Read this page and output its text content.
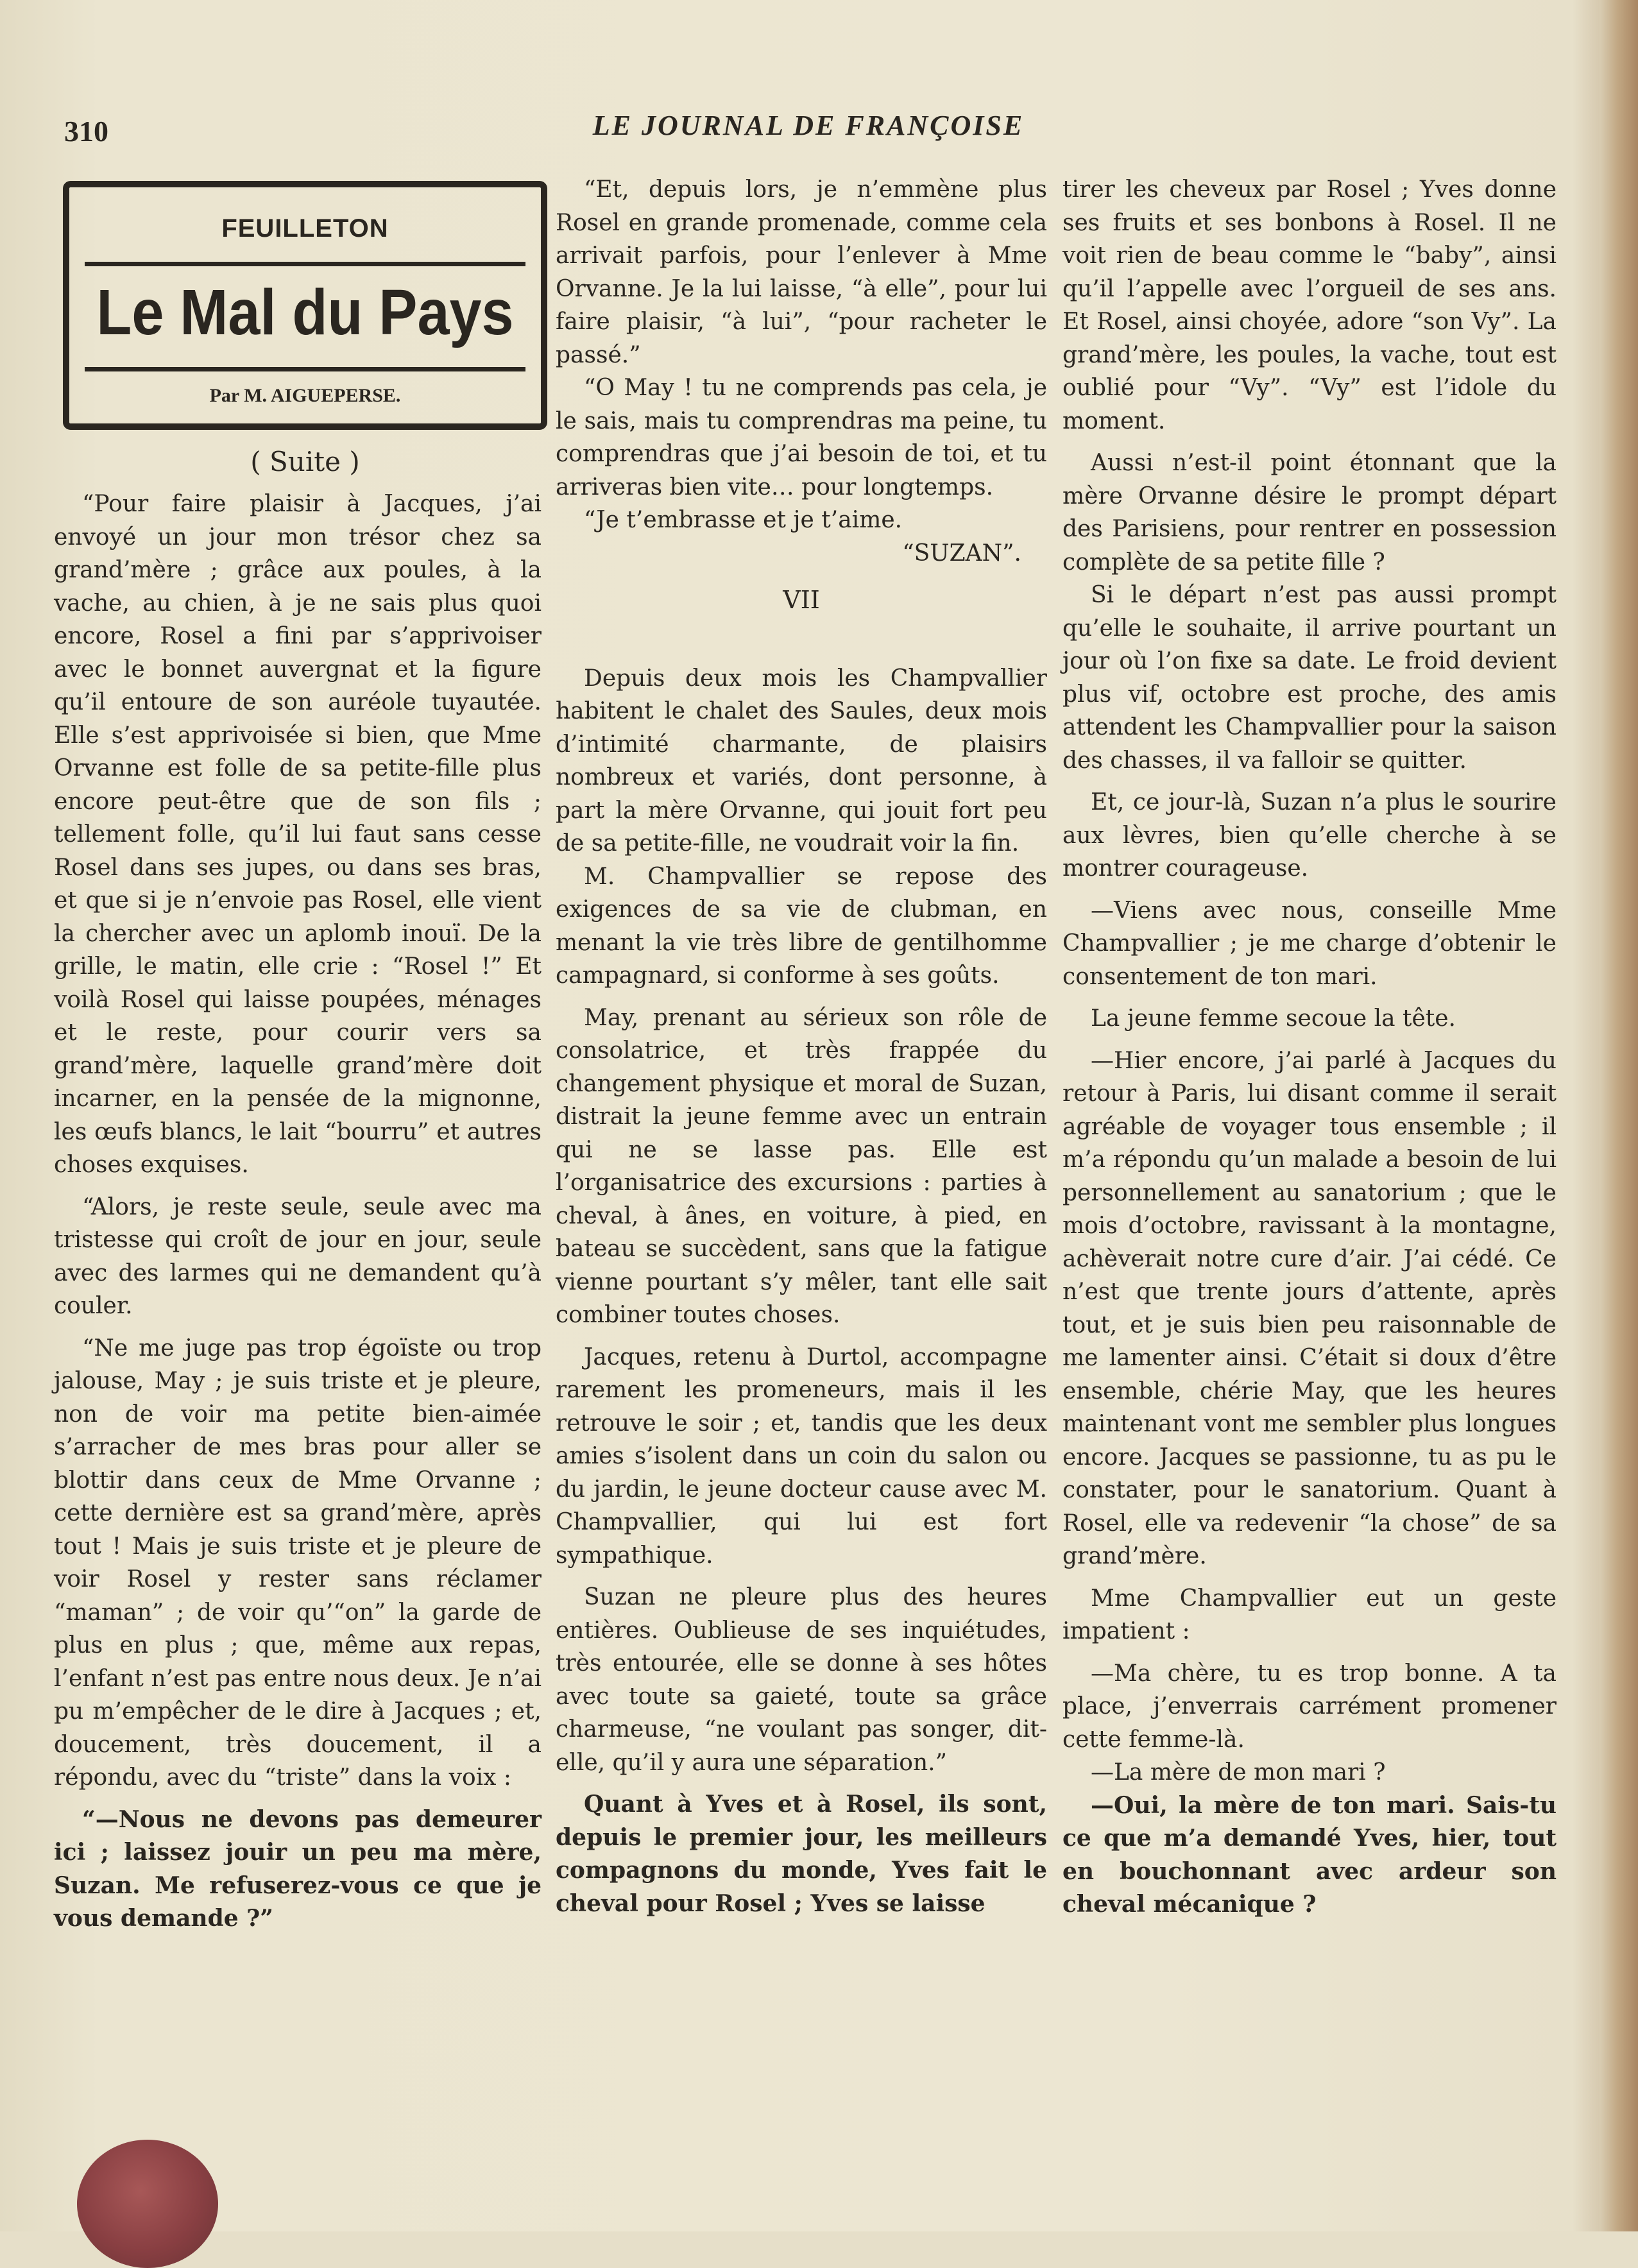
310	LE JOURNAL DE FRANÇOISE
FEUILLETON
Le Mal du Pays
Par M. AIGUEPERSE.
( Suite )

“Pour faire plaisir à Jacques, j’ai envoyé un jour mon trésor chez sa grand’mère ; grâce aux poules, à la vache, au chien, à je ne sais plus quoi encore, Rosel a fini par s’apprivoiser avec le bonnet auvergnat et la figure qu’il entoure de son auréole tuyautée. Elle s’est apprivoisée si bien, que Mme Orvanne est folle de sa petite-fille plus encore peut-être que de son fils ; tellement folle, qu’il lui faut sans cesse Rosel dans ses jupes, ou dans ses bras, et que si je n’envoie pas Rosel, elle vient la chercher avec un aplomb inouï. De la grille, le matin, elle crie : “Rosel !” Et voilà Rosel qui laisse poupées, ménages et le reste, pour courir vers sa grand’mère, laquelle grand’mère doit incarner, en la pensée de la mignonne, les œufs blancs, le lait “bourru” et autres choses exquises.

“Alors, je reste seule, seule avec ma tristesse qui croît de jour en jour, seule avec des larmes qui ne demandent qu’à couler.

“Ne me juge pas trop égoïste ou trop jalouse, May ; je suis triste et je pleure, non de voir ma petite bien-aimée s’arracher de mes bras pour aller se blottir dans ceux de Mme Orvanne ; cette dernière est sa grand’mère, après tout ! Mais je suis triste et je pleure de voir Rosel y rester sans réclamer “maman” ; de voir qu’“on” la garde de plus en plus ; que, même aux repas, l’enfant n’est pas entre nous deux. Je n’ai pu m’empêcher de le dire à Jacques ; et, doucement, très doucement, il a répondu, avec du “triste” dans la voix :

“—Nous ne devons pas demeurer ici ; laissez jouir un peu ma mère, Suzan. Me refuserez-vous ce que je vous demande ?”

“Et, depuis lors, je n’emmène plus Rosel en grande promenade, comme cela arrivait parfois, pour l’enlever à Mme Orvanne. Je la lui laisse, “à elle”, pour lui faire plaisir, “à lui”, “pour racheter le passé.”

“O May ! tu ne comprends pas cela, je le sais, mais tu comprendras ma peine, tu comprendras que j’ai besoin de toi, et tu arriveras bien vite… pour longtemps.

“Je t’embrasse et je t’aime.

“SUZAN”.

VII

Depuis deux mois les Champvallier habitent le chalet des Saules, deux mois d’intimité charmante, de plaisirs nombreux et variés, dont personne, à part la mère Orvanne, qui jouit fort peu de sa petite-fille, ne voudrait voir la fin.

M. Champvallier se repose des exigences de sa vie de clubman, en menant la vie très libre de gentilhomme campagnard, si conforme à ses goûts.

May, prenant au sérieux son rôle de consolatrice, et très frappée du changement physique et moral de Suzan, distrait la jeune femme avec un entrain qui ne se lasse pas. Elle est l’organisatrice des excursions : parties à cheval, à ânes, en voiture, à pied, en bateau se succèdent, sans que la fatigue vienne pourtant s’y mêler, tant elle sait combiner toutes choses.

Jacques, retenu à Durtol, accompagne rarement les promeneurs, mais il les retrouve le soir ; et, tandis que les deux amies s’isolent dans un coin du salon ou du jardin, le jeune docteur cause avec M. Champvallier, qui lui est fort sympathique.

Suzan ne pleure plus des heures entières. Oublieuse de ses inquiétudes, très entourée, elle se donne à ses hôtes avec toute sa gaieté, toute sa grâce charmeuse, “ne voulant pas songer, dit-elle, qu’il y aura une séparation.”

Quant à Yves et à Rosel, ils sont, depuis le premier jour, les meilleurs compagnons du monde, Yves fait le cheval pour Rosel ; Yves se laisse

tirer les cheveux par Rosel ; Yves donne ses fruits et ses bonbons à Rosel. Il ne voit rien de beau comme le “baby”, ainsi qu’il l’appelle avec l’orgueil de ses ans. Et Rosel, ainsi choyée, adore “son Vy”. La grand’mère, les poules, la vache, tout est oublié pour “Vy”. “Vy” est l’idole du moment.

Aussi n’est-il point étonnant que la mère Orvanne désire le prompt départ des Parisiens, pour rentrer en possession complète de sa petite fille ?

Si le départ n’est pas aussi prompt qu’elle le souhaite, il arrive pourtant un jour où l’on fixe sa date. Le froid devient plus vif, octobre est proche, des amis attendent les Champvallier pour la saison des chasses, il va falloir se quitter.

Et, ce jour-là, Suzan n’a plus le sourire aux lèvres, bien qu’elle cherche à se montrer courageuse.

—Viens avec nous, conseille Mme Champvallier ; je me charge d’obtenir le consentement de ton mari.

La jeune femme secoue la tête.

—Hier encore, j’ai parlé à Jacques du retour à Paris, lui disant comme il serait agréable de voyager tous ensemble ; il m’a répondu qu’un malade a besoin de lui personnellement au sanatorium ; que le mois d’octobre, ravissant à la montagne, achèverait notre cure d’air. J’ai cédé. Ce n’est que trente jours d’attente, après tout, et je suis bien peu raisonnable de me lamenter ainsi. C’était si doux d’être ensemble, chérie May, que les heures maintenant vont me sembler plus longues encore. Jacques se passionne, tu as pu le constater, pour le sanatorium. Quant à Rosel, elle va redevenir “la chose” de sa grand’mère.

Mme Champvallier eut un geste impatient :

—Ma chère, tu es trop bonne. A ta place, j’enverrais carrément promener cette femme-là.

—La mère de mon mari ?

—Oui, la mère de ton mari. Sais-tu ce que m’a demandé Yves, hier, tout en bouchonnant avec ardeur son cheval mécanique ?
